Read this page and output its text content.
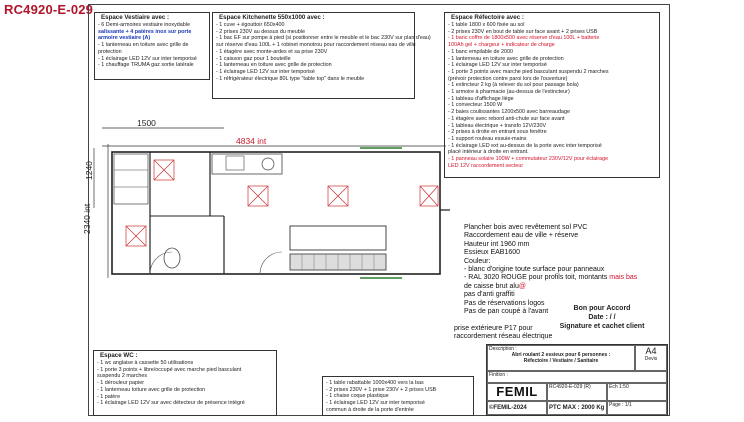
RC4920-E-029
Espace Vestiaire avec :
- 6 Demi-armoires vestiaire inoxydable
salissante + 4 patères inox sur porte
armoire vestiaire (A)
- 1 lanterneau en toiture avec grille de
protection
- 1 éclairage LED 12V sur inter temporisé
- 1 chauffage TRUMA gaz sortie latérale
Espace Kitchenette 550x1000 avec :
- 1 cuve + égouttoir 650x400
- 2 prises 230V au dessus du meuble
- 1 bac EF sur pompe à pied (si positionner entre le meuble et le bac 230V sur plan d'eau)
sur réserve d'eau 100L + 1 robinet monotrou pour raccordement réseau eau de ville
- 1 étagère avec monte-ardes et sa prise 230V
- 1 caisson gaz pour 1 bouteille
- 1 lanterneau en toiture avec grille de protection
- 1 éclairage LED 12V sur inter temporisé
- 1 réfrigérateur électrique 80L type "table top" dans le meuble
Espace Réfectoire avec :
- 1 table 1800 x 600 fixée au sol
- 2 prises 230V en bout de table sur face avant + 2 prises USB
- 1 banc coffre de 1800x500 avec réserve d'eau 100L + batterie
100Ah gel + chargeur + indicateur de charge
- 1 banc empilable de 2000
- 1 lanterneau en toiture avec grille de protection
- 1 éclairage LED 12V sur inter temporisé
- 1 porte 3 points avec marche pied basculant suspendu 2 marches
(prévoir protection contre paroi lors de l'ouverture)
- 1 extincteur 2 kg (à relever du sol pour passage bola)
- 1 armoire à pharmacie (au-dessus de l'extincteur)
- 1 tableau d'affichage liège
- 1 convecteur 1500 W
- 2 baies coulissantes 1200x500 avec barreaudage
- 1 étagère avec rebord anti-chute sur face avant
- 1 tableau électrique + transfo 12V/230V
- 2 prises à droite en entrant sous fenêtre
- 1 support rouleau essuie-mains
- 1 éclairage LED ext au-dessus de la porte avec inter temporisé
placé intérieur à droite en entrant.
- 1 panneau solaire 100W + commutateur 230V/12V pour éclairage
LED 12V raccordement secteur
Espace WC :
- 1 wc anglaise à cassette 50 utilisations
- 1 porte 3 points + libre/occupé avec marche pied basculant
suspendu 2 marches
- 1 dérouleur papier
- 1 lanterneau toiture avec grille de protection
- 1 patère
- 1 éclairage LED 12V sur avec détecteur de présence intégré
- 1 table rabattable 1000x400 vers la bas
- 2 prises 230V + 1 prise 230V + 2 prises USB
- 1 chaise coque plastique
- 1 éclairage LED 12V sur inter temporisé
commun à droite de la porte d'entrée
1500
4834 int
1240
2340 int	Plancher bois avec revêtement sol PVC
Raccordement eau de ville + réserve
Hauteur int 1960 mm
Essieux EAB1600
Couleur:
- blanc d'origine toute surface pour panneaux
- RAL 3020 ROUGE pour profils toit, montants mais bas
de caisse brut alu@
pas d'anti graffiti
Pas de réservations logos
Pas de pan coupé à l'avant
prise extérieure P17 pour
raccordement réseau électrique
Bon pour Accord
Date : / /
Signature et cachet client
Description :
Abri roulant 2 essieux pour 6 personnes :
Réfectoire / Vestiaire / Sanitaire
A4
Devis
Finition :
FEMIL
©FEMIL-2024
RC4920-E-029 (R)
PTC MAX : 2000 Kg
Ech 1:50
Page : 1/1
